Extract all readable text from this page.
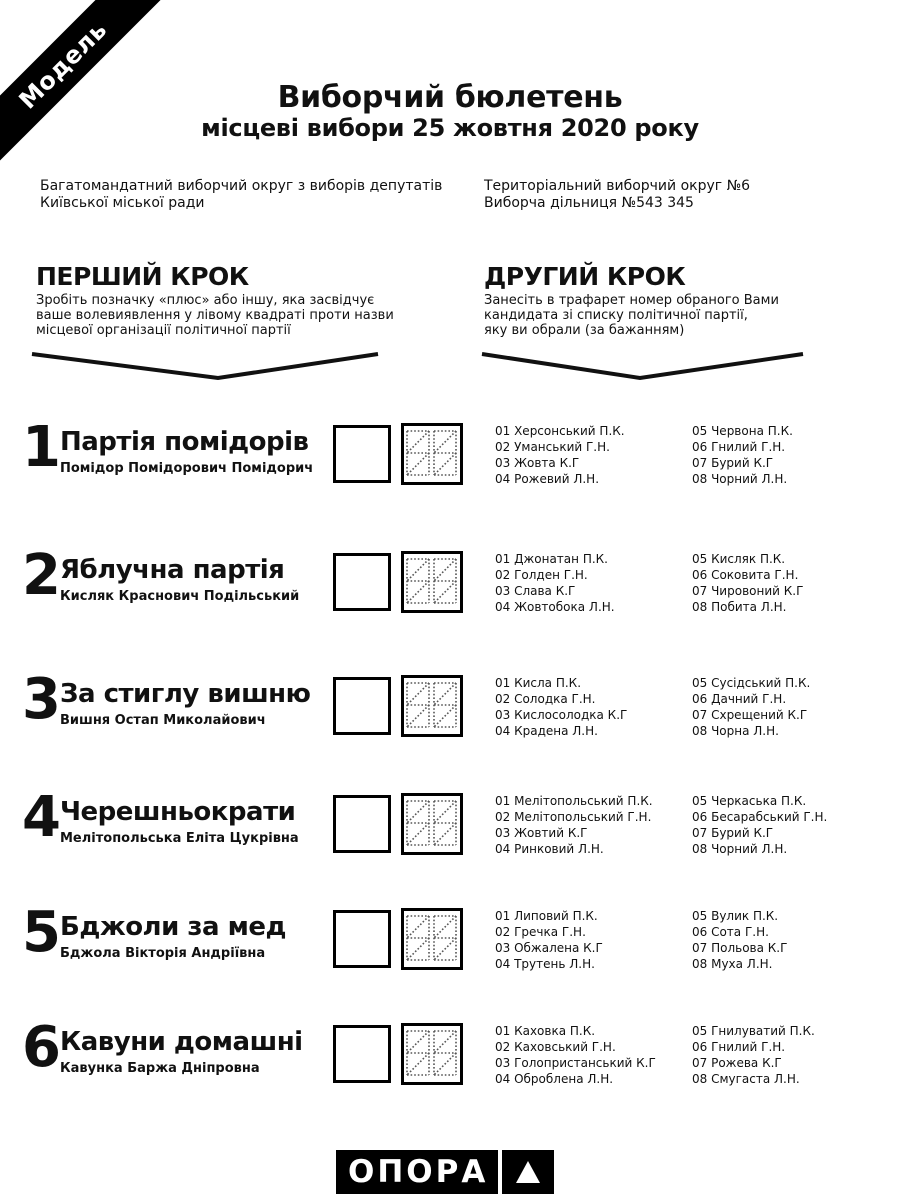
Модель	Виборчий бюлетень
місцеві вибори 25 жовтня 2020 року
Багатомандатний виборчий округ з виборів депутатів
Київської міської ради
Територіальний виборчий округ №6
Виборча дільниця №543 345
ПЕРШИЙ КРОК
Зробіть позначку «плюс» або іншу, яка засвідчує
ваше волевиявлення у лівому квадраті проти назви
місцевої організації політичної партії
ДРУГИЙ КРОК
Занесіть в трафарет номер обраного Вами
кандидата зі списку політичної партії,
яку ви обрали (за бажанням)
1 Партія помідорів
Помідор Помідорович Помідорич
01 Херсонський П.К.
02 Уманський Г.Н.
03 Жовта К.Г
04 Рожевий Л.Н.
05 Червона П.К.
06 Гнилий Г.Н.
07 Бурий К.Г
08 Чорний Л.Н.
2 Яблучна партія
Кисляк Краснович Подільський
01 Джонатан П.К.
02 Голден Г.Н.
03 Слава К.Г
04 Жовтобока Л.Н.
05 Кисляк П.К.
06 Соковита Г.Н.
07 Чировоний К.Г
08 Побита Л.Н.
3 За стиглу вишню
Вишня Остап Миколайович
01 Кисла П.К.
02 Солодка Г.Н.
03 Кислосолодка К.Г
04 Крадена Л.Н.
05 Сусідський П.К.
06 Дачний Г.Н.
07 Схрещений К.Г
08 Чорна Л.Н.
4 Черешньократи
Мелітопольська Еліта Цукрівна
01 Мелітопольський П.К.
02 Мелітопольський Г.Н.
03 Жовтий К.Г
04 Ринковий Л.Н.
05 Черкаська П.К.
06 Бесарабський Г.Н.
07 Бурий К.Г
08 Чорний Л.Н.
5 Бджоли за мед
Бджола Вікторія Андріївна
01 Липовий П.К.
02 Гречка Г.Н.
03 Обжалена К.Г
04 Трутень Л.Н.
05 Вулик П.К.
06 Сота Г.Н.
07 Польова К.Г
08 Муха Л.Н.
6 Кавуни домашні
Кавунка Баржа Дніпровна
01 Каховка П.К.
02 Каховський Г.Н.
03 Голопристанський К.Г
04 Оброблена Л.Н.
05 Гнилуватий П.К.
06 Гнилий Г.Н.
07 Рожева К.Г
08 Смугаста Л.Н.
ОПОРА
